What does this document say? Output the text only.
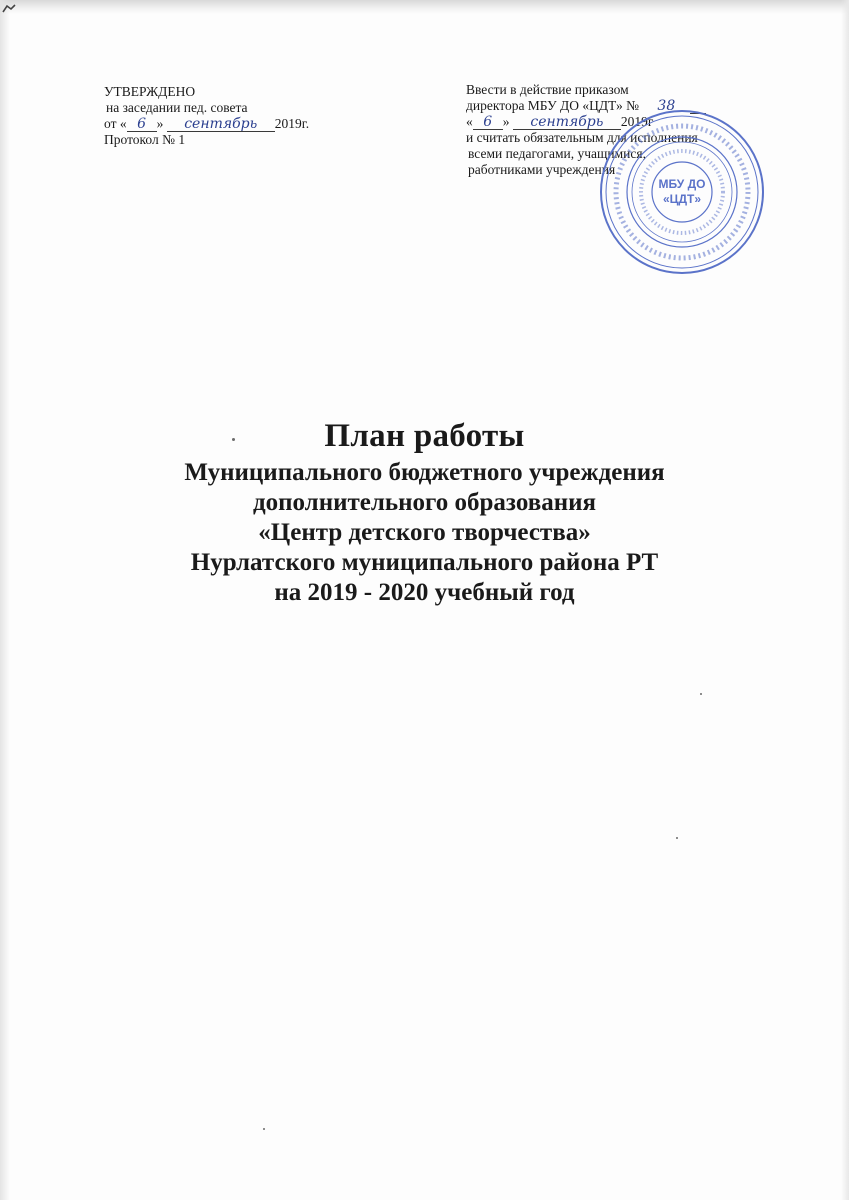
УТВЕРЖДЕНО
на заседании пед. совета
от « 6 » сентябрь 2019г.
Протокол № 1
Ввести в действие приказом
директора МБУ ДО «ЦДТ» № 38
« 6 » сентябрь 2019г
и считать обязательным для исполнения
всеми педагогами, учащимися,
работниками учреждения
МБУ ДО
«ЦДТ»
План работы
Муниципального бюджетного учреждения
дополнительного образования
«Центр детского творчества»
Нурлатского муниципального района РТ
на 2019 - 2020 учебный год
